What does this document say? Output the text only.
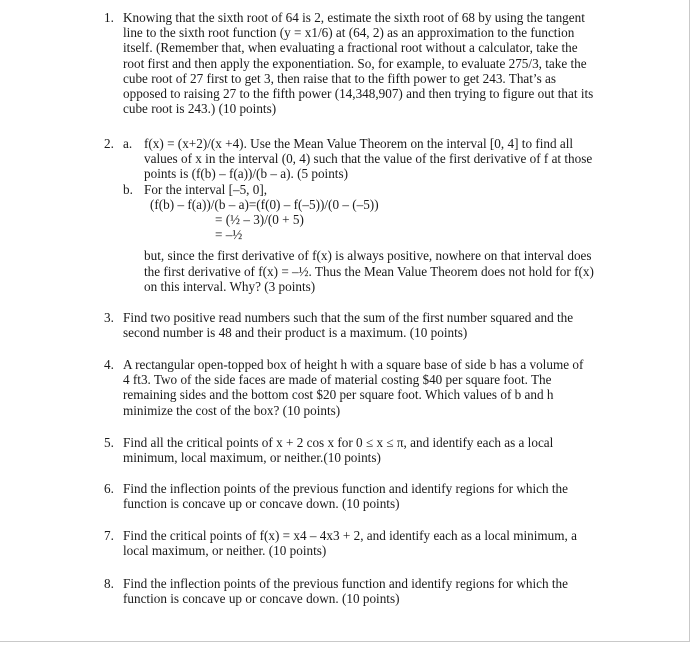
1. Knowing that the sixth root of 64 is 2, estimate the sixth root of 68 by using the tangent
line to the sixth root function (y = x1/6) at (64, 2) as an approximation to the function
itself. (Remember that, when evaluating a fractional root without a calculator, take the
root first and then apply the exponentiation. So, for example, to evaluate 275/3, take the
cube root of 27 first to get 3, then raise that to the fifth power to get 243. That’s as
opposed to raising 27 to the fifth power (14,348,907) and then trying to figure out that its
cube root is 243.) (10 points)
2. a. f(x) = (x+2)/(x +4). Use the Mean Value Theorem on the interval [0, 4] to find all
values of x in the interval (0, 4) such that the value of the first derivative of f at those
points is (f(b) – f(a))/(b – a). (5 points)
b. For the interval [–5, 0],
(f(b) – f(a))/(b – a)=(f(0) – f(–5))/(0 – (–5))
= (½ – 3)/(0 + 5)
= –½
but, since the first derivative of f(x) is always positive, nowhere on that interval does
the first derivative of f(x) = –½. Thus the Mean Value Theorem does not hold for f(x)
on this interval. Why? (3 points)
3. Find two positive read numbers such that the sum of the first number squared and the
second number is 48 and their product is a maximum. (10 points)
4. A rectangular open-topped box of height h with a square base of side b has a volume of
4 ft3. Two of the side faces are made of material costing $40 per square foot. The
remaining sides and the bottom cost $20 per square foot. Which values of b and h
minimize the cost of the box? (10 points)
5. Find all the critical points of x + 2 cos x for 0 ≤ x ≤ π, and identify each as a local
minimum, local maximum, or neither.(10 points)
6. Find the inflection points of the previous function and identify regions for which the
function is concave up or concave down. (10 points)
7. Find the critical points of f(x) = x4 – 4x3 + 2, and identify each as a local minimum, a
local maximum, or neither. (10 points)
8. Find the inflection points of the previous function and identify regions for which the
function is concave up or concave down. (10 points)
